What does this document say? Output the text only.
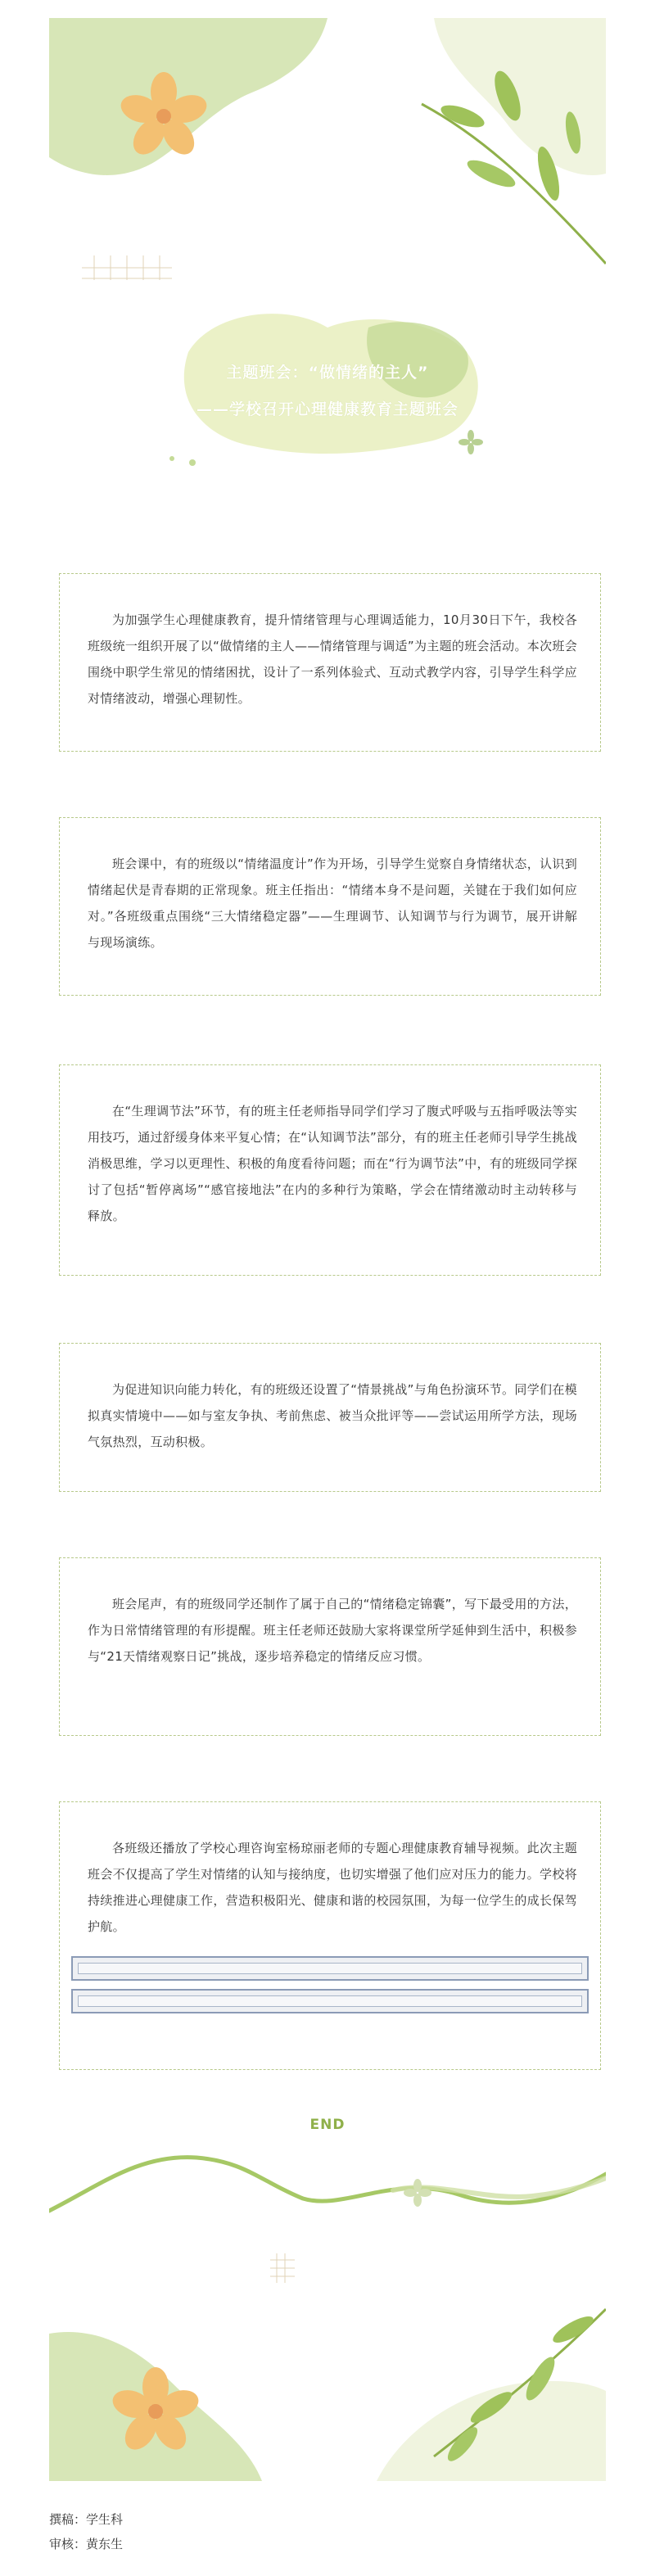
主题班会：“做情绪的主人”
——学校召开心理健康教育主题班会

为加强学生心理健康教育，提升情绪管理与心理调适能力，10月30日下午，我校各班级统一组织开展了以“做情绪的主人——情绪管理与调适”为主题的班会活动。本次班会围绕中职学生常见的情绪困扰，设计了一系列体验式、互动式教学内容，引导学生科学应对情绪波动，增强心理韧性。

班会课中，有的班级以“情绪温度计”作为开场，引导学生觉察自身情绪状态，认识到情绪起伏是青春期的正常现象。班主任指出：“情绪本身不是问题，关键在于我们如何应对。”各班级重点围绕“三大情绪稳定器”——生理调节、认知调节与行为调节，展开讲解与现场演练。

在“生理调节法”环节，有的班主任老师指导同学们学习了腹式呼吸与五指呼吸法等实用技巧，通过舒缓身体来平复心情；在“认知调节法”部分，有的班主任老师引导学生挑战消极思维，学习以更理性、积极的角度看待问题；而在“行为调节法”中，有的班级同学探讨了包括“暂停离场”“感官接地法”在内的多种行为策略，学会在情绪激动时主动转移与释放。

为促进知识向能力转化，有的班级还设置了“情景挑战”与角色扮演环节。同学们在模拟真实情境中——如与室友争执、考前焦虑、被当众批评等——尝试运用所学方法，现场气氛热烈，互动积极。

班会尾声，有的班级同学还制作了属于自己的“情绪稳定锦囊”，写下最受用的方法，作为日常情绪管理的有形提醒。班主任老师还鼓励大家将课堂所学延伸到生活中，积极参与“21天情绪观察日记”挑战，逐步培养稳定的情绪反应习惯。

各班级还播放了学校心理咨询室杨琼丽老师的专题心理健康教育辅导视频。此次主题班会不仅提高了学生对情绪的认知与接纳度，也切实增强了他们应对压力的能力。学校将持续推进心理健康工作，营造积极阳光、健康和谐的校园氛围，为每一位学生的成长保驾护航。

END
撰稿：学生科
审核：黄东生
